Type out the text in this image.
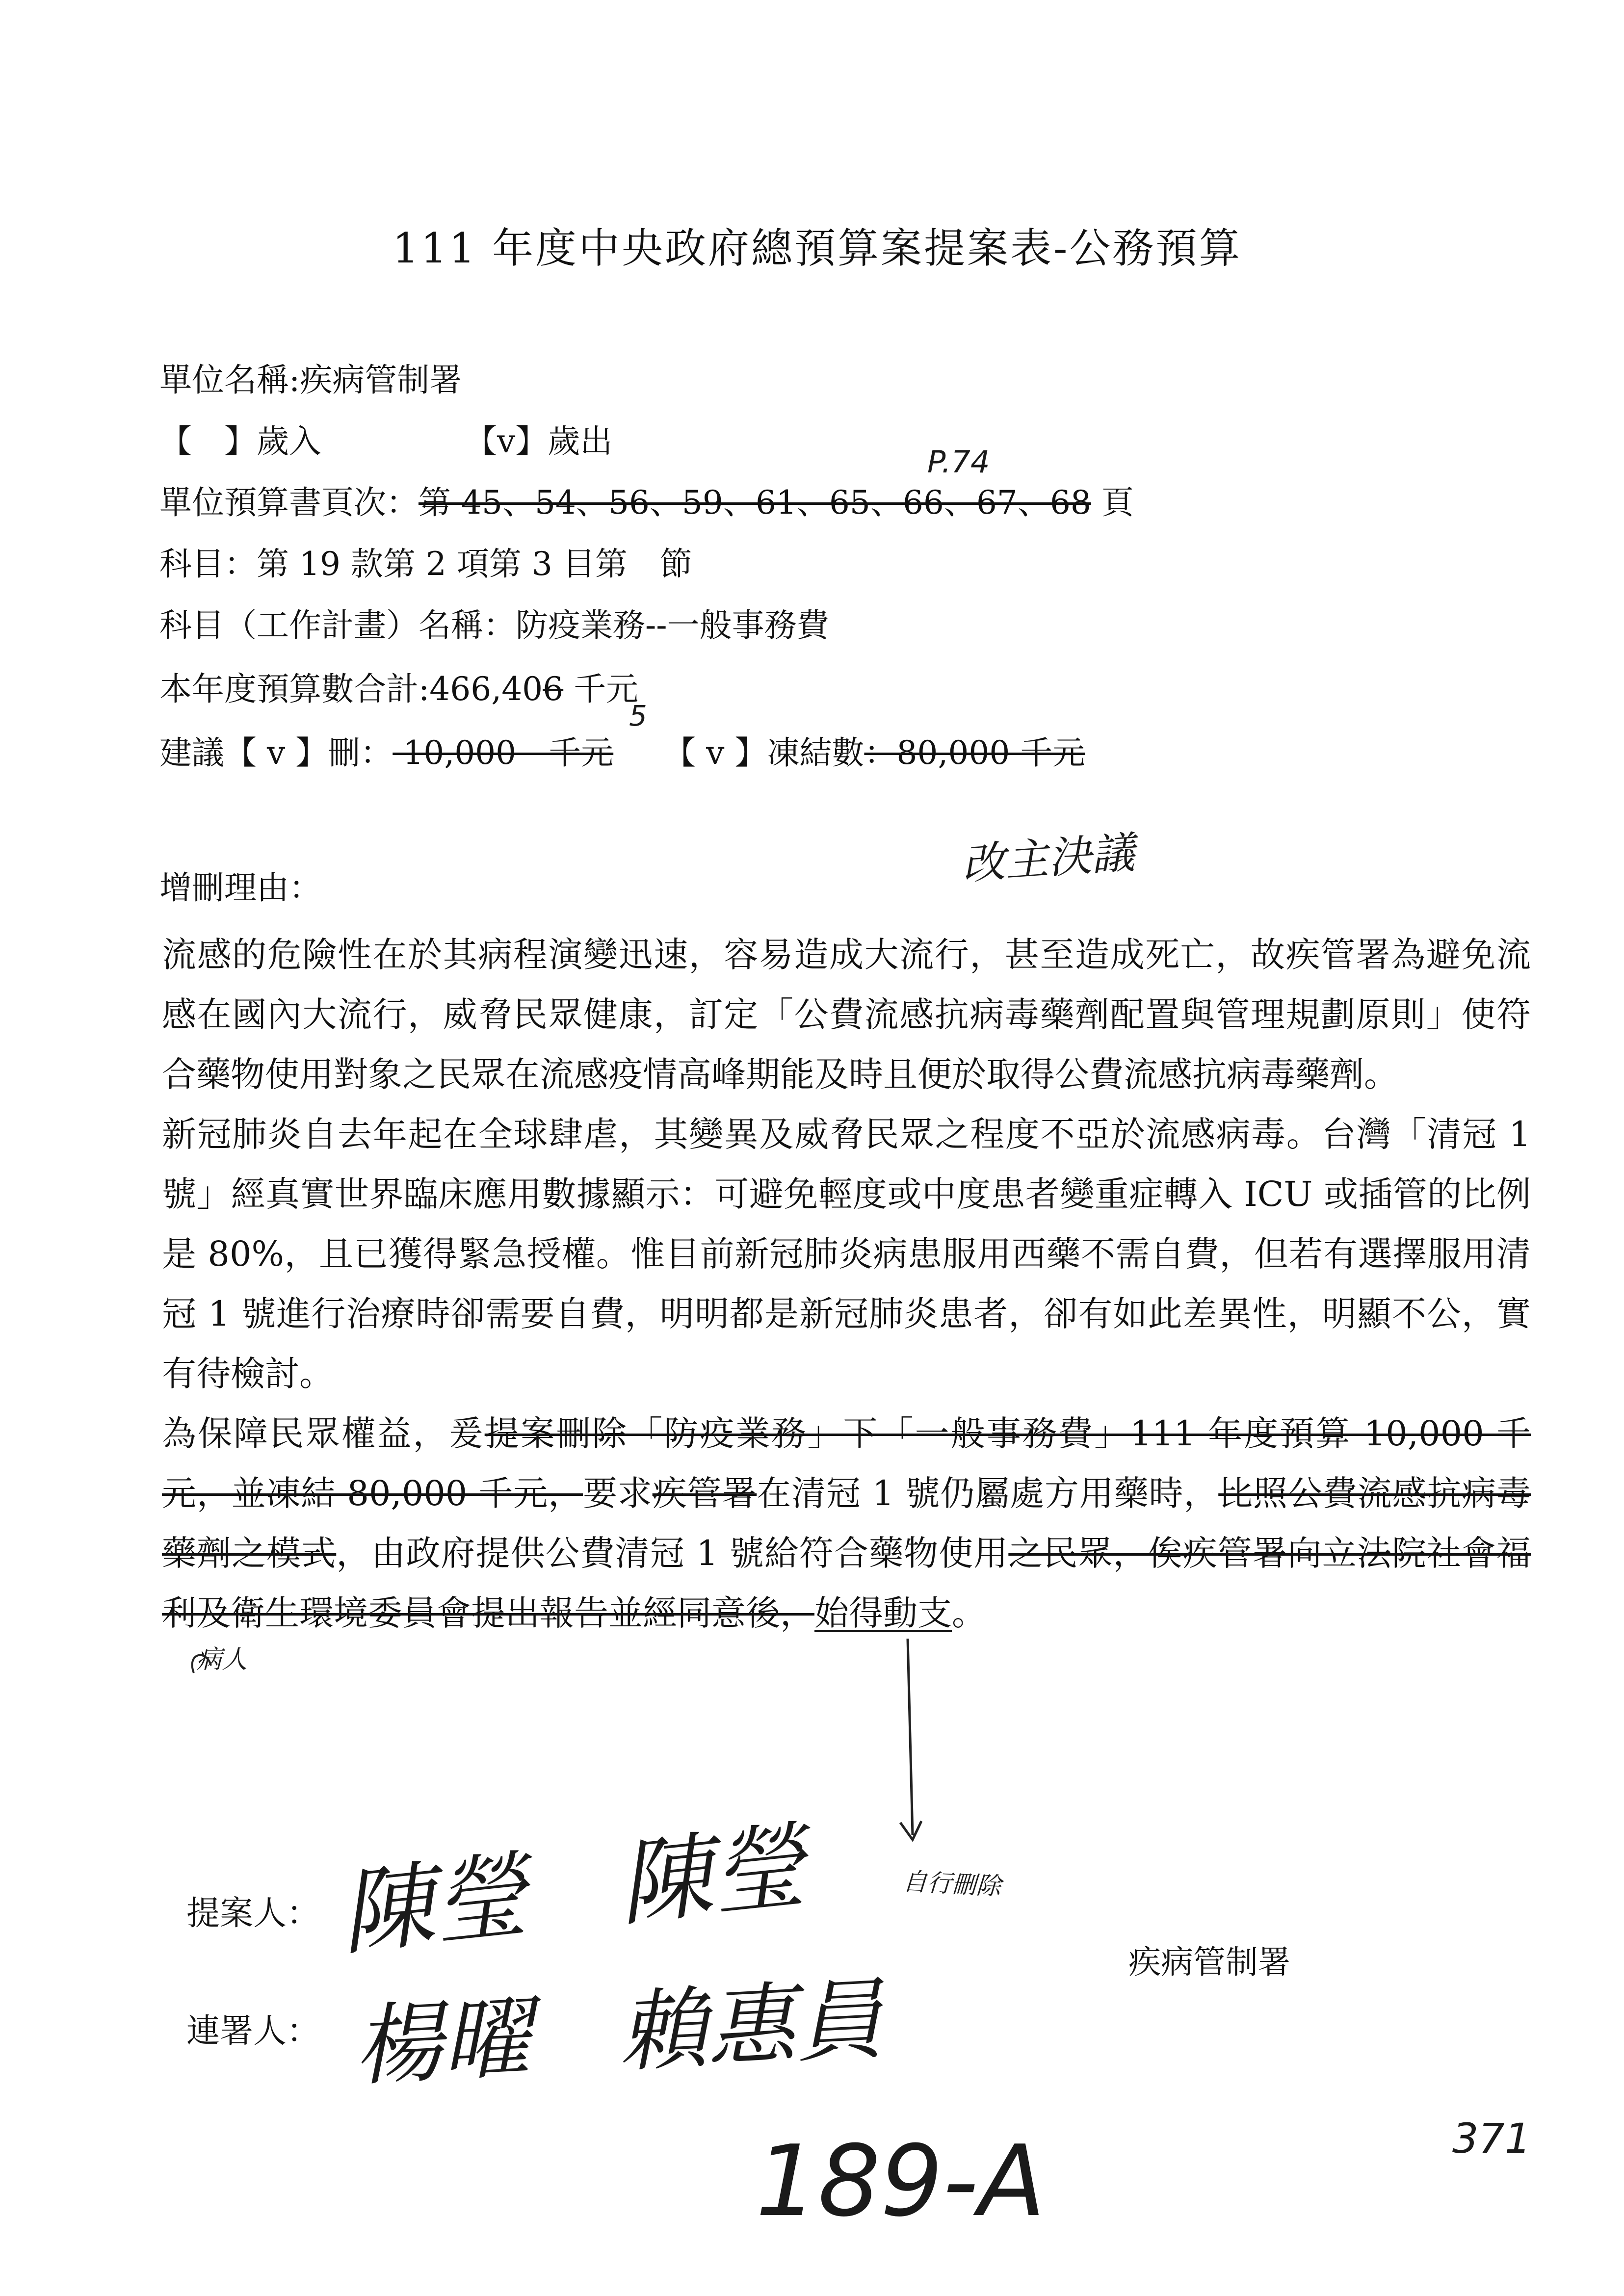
111 年度中央政府總預算案提案表-公務預算
單位名稱:疾病管制署
【　】歲入	【v】歲出
P.74
單位預算書頁次：第 45、54、56、59、61、65、66、67、68 頁
科目：第 19 款第 2 項第 3 目第　節
科目（工作計畫）名稱：防疫業務--一般事務費
本年度預算數合計:466,406 千元
5
建議【 v 】刪： 10,000　千元 【 v 】凍結數：80,000 千元
改主決議
增刪理由：

流感的危險性在於其病程演變迅速，容易造成大流行，甚至造成死亡，故疾管署為避免流感在國內大流行，威脅民眾健康，訂定「公費流感抗病毒藥劑配置與管理規劃原則」使符合藥物使用對象之民眾在流感疫情高峰期能及時且便於取得公費流感抗病毒藥劑。

新冠肺炎自去年起在全球肆虐，其變異及威脅民眾之程度不亞於流感病毒。台灣「清冠 1 號」經真實世界臨床應用數據顯示：可避免輕度或中度患者變重症轉入 ICU 或插管的比例是 80%，且已獲得緊急授權。惟目前新冠肺炎病患服用西藥不需自費，但若有選擇服用清冠 1 號進行治療時卻需要自費，明明都是新冠肺炎患者，卻有如此差異性，明顯不公，實有待檢討。

為保障民眾權益，爰提案刪除「防疫業務」下「一般事務費」111 年度預算 10,000 千元，並凍結 80,000 千元，要求疾管署在清冠 1 號仍屬處方用藥時，比照公費流感抗病毒藥劑之模式，由政府提供公費清冠 1 號給符合藥物使用之民眾，俟疾管署向立法院社會福利及衛生環境委員會提出報告並經同意後，始得動支。

病人
提案人： 陳瑩　陳瑩	自行刪除
疾病管制署
連署人： 楊曜　賴惠員
189-A	371
